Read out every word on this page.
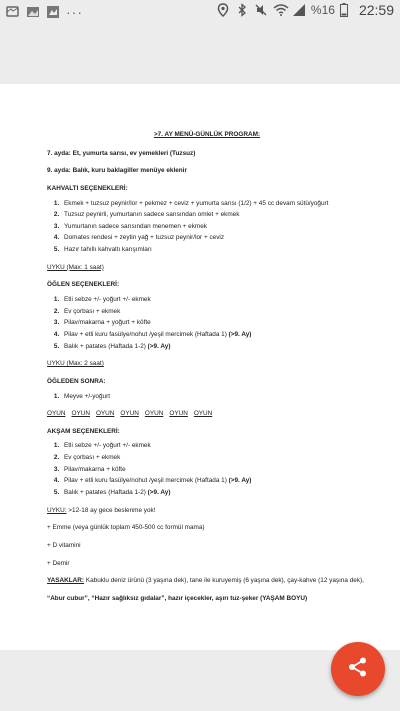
···	%16 22:59
>7. AY MENÜ-GÜNLÜK PROGRAM:
7. ayda: Et, yumurta sarısı, ev yemekleri (Tuzsuz)
9. ayda: Balık, kuru baklagiller menüye eklenir
KAHVALTI SEÇENEKLERİ:
1. Ekmek + tuzsuz peynir/lor + pekmez + ceviz + yumurta sarısı (1/2) + 45 cc devam sütü/yoğurt
2. Tuzsuz peynirli, yumurtanın sadece sarısından omlet + ekmek
3. Yumurtanın sadece sarısından menemen + ekmek
4. Domates rendesi + zeytin yağ + tuzsuz peynir/lor + ceviz
5. Hazır tahıllı kahvaltı karışımları
UYKU (Max: 1 saat)
ÖĞLEN SEÇENEKLERİ:
1. Etli sebze +/- yoğurt +/- ekmek
2. Ev çorbası + ekmek
3. Pilav/makarna + yoğurt + köfte
4. Pilav + etli kuru fasülye/nohut /yeşil mercimek (Haftada 1) (>9. Ay)
5. Balık + patates (Haftada 1-2) (>9. Ay)
UYKU (Max: 2 saat)
ÖĞLEDEN SONRA:
1. Meyve +/-yoğurt
OYUN OYUN OYUN OYUN OYUN OYUN OYUN
AKŞAM SEÇENEKLERİ:
1. Etli sebze +/- yoğurt +/- ekmek
2. Ev çorbası + ekmek
3. Pilav/makarna + köfte
4. Pilav + etli kuru fasülye/nohut /yeşil mercimek (Haftada 1) (>9. Ay)
5. Balık + patates (Haftada 1-2) (>9. Ay)
UYKU: >12-18 ay gece beslenme yok!
+ Emme (veya günlük toplam 450-500 cc formül mama)
+ D vitamini
+ Demir
YASAKLAR: Kabuklu deniz ürünü (3 yaşına dek), tane ile kuruyemiş (6 yaşına dek), çay-kahve (12 yaşına dek),
“Abur cubur”, “Hazır sağlıksız gıdalar”, hazır içecekler, aşırı tuz-şeker (YAŞAM BOYU)
